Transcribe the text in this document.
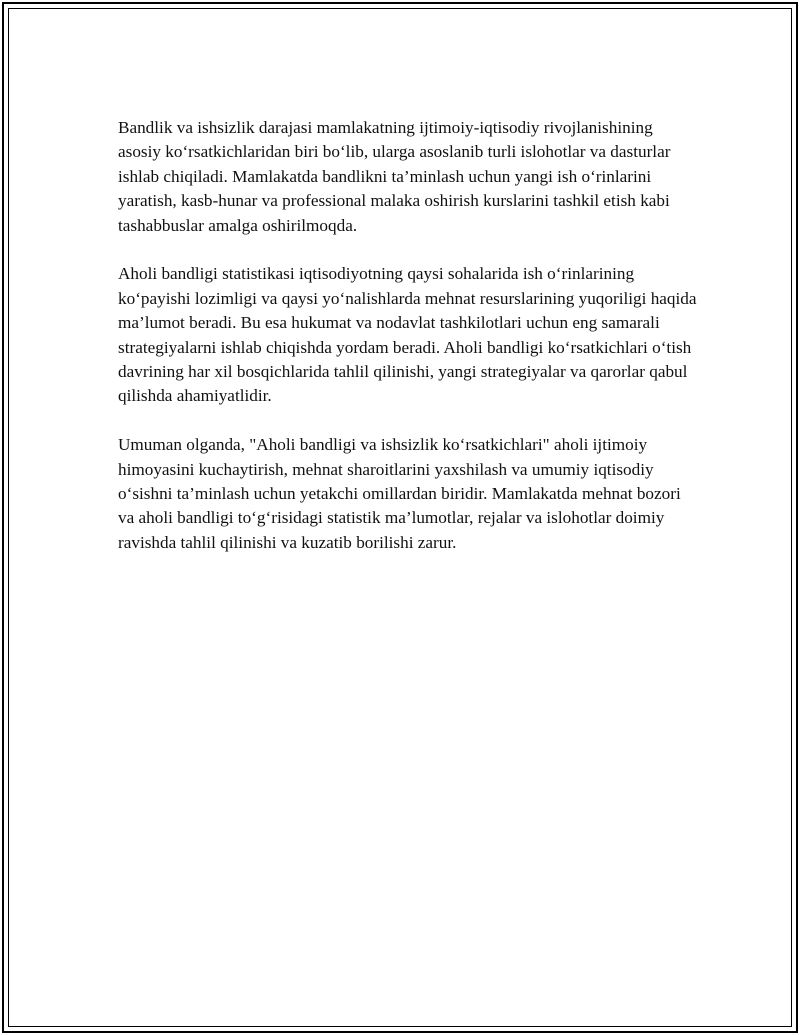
Bandlik va ishsizlik darajasi mamlakatning ijtimoiy-iqtisodiy rivojlanishining asosiy ko‘rsatkichlaridan biri bo‘lib, ularga asoslanib turli islohotlar va dasturlar ishlab chiqiladi. Mamlakatda bandlikni ta’minlash uchun yangi ish o‘rinlarini yaratish, kasb-hunar va professional malaka oshirish kurslarini tashkil etish kabi tashabbuslar amalga oshirilmoqda.

Aholi bandligi statistikasi iqtisodiyotning qaysi sohalarida ish o‘rinlarining ko‘payishi lozimligi va qaysi yo‘nalishlarda mehnat resurslarining yuqoriligi haqida ma’lumot beradi. Bu esa hukumat va nodavlat tashkilotlari uchun eng samarali strategiyalarni ishlab chiqishda yordam beradi. Aholi bandligi ko‘rsatkichlari o‘tish davrining har xil bosqichlarida tahlil qilinishi, yangi strategiyalar va qarorlar qabul qilishda ahamiyatlidir.

Umuman olganda, "Aholi bandligi va ishsizlik ko‘rsatkichlari" aholi ijtimoiy himoyasini kuchaytirish, mehnat sharoitlarini yaxshilash va umumiy iqtisodiy o‘sishni ta’minlash uchun yetakchi omillardan biridir. Mamlakatda mehnat bozori va aholi bandligi to‘g‘risidagi statistik ma’lumotlar, rejalar va islohotlar doimiy ravishda tahlil qilinishi va kuzatib borilishi zarur.
